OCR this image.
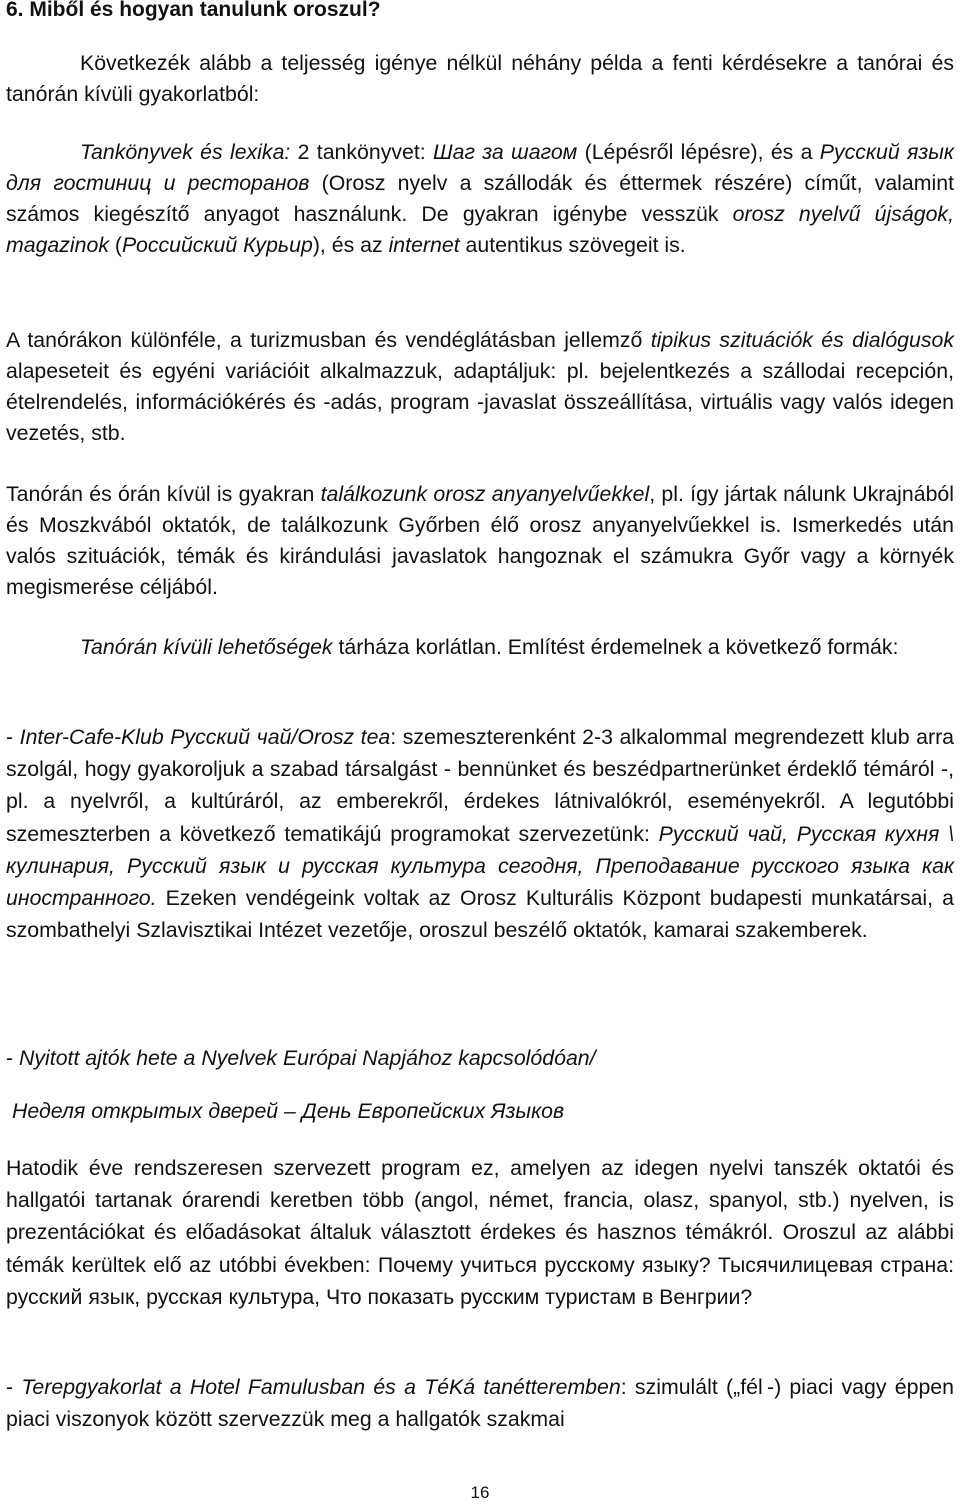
6. Miből és hogyan tanulunk oroszul?

Következék alább a teljesség igénye nélkül néhány példa a fenti kérdésekre a tanórai és tanórán kívüli gyakorlatból:

Tankönyvek és lexika: 2 tankönyvet: Шаг за шагом (Lépésről lépésre), és a Русский язык для гостиниц и ресторанов (Orosz nyelv a szállodák és éttermek részére) címűt, valamint számos kiegészítő anyagot használunk. De gyakran igénybe vesszük orosz nyelvű újságok, magazinok (Российский Курьир), és az internet autentikus szövegeit is.

A tanórákon különféle, a turizmusban és vendéglátásban jellemző tipikus szituációk és dialógusok alapeseteit és egyéni variációit alkalmazzuk, adaptáljuk: pl. bejelentkezés a szállodai recepción, ételrendelés, információkérés és -adás, program -javaslat összeállítása, virtuális vagy valós idegen vezetés, stb.

Tanórán és órán kívül is gyakran találkozunk orosz anyanyelvűekkel, pl. így jártak nálunk Ukrajnából és Moszkvából oktatók, de találkozunk Győrben élő orosz anyanyelvűekkel is. Ismerkedés után valós szituációk, témák és kirándulási javaslatok hangoznak el számukra Győr vagy a környék megismerése céljából.

Tanórán kívüli lehetőségek tárháza korlátlan. Említést érdemelnek a következő formák:

- Inter-Cafe-Klub Русский чай/Orosz tea: szemeszterenként 2-3 alkalommal megrendezett klub arra szolgál, hogy gyakoroljuk a szabad társalgást - bennünket és beszédpartnerünket érdeklő témáról -, pl. a nyelvről, a kultúráról, az emberekről, érdekes látnivalókról, eseményekről. A legutóbbi szemeszterben a következő tematikájú programokat szervezetünk: Русский чай, Русская кухня \ кулинария, Русский язык и русская культура сегодня, Преподавание русского языка как иностранного. Ezeken vendégeink voltak az Orosz Kulturális Központ budapesti munkatársai, a szombathelyi Szlavisztikai Intézet vezetője, oroszul beszélő oktatók, kamarai szakemberek.

- Nyitott ajtók hete a Nyelvek Európai Napjához kapcsolódóan/

Неделя открытых дверей – День Европейских Языков

Hatodik éve rendszeresen szervezett program ez, amelyen az idegen nyelvi tanszék oktatói és hallgatói tartanak órarendi keretben több (angol, német, francia, olasz, spanyol, stb.) nyelven, is prezentációkat és előadásokat általuk választott érdekes és hasznos témákról. Oroszul az alábbi témák kerültek elő az utóbbi években: Почему учиться русскому языку? Тысячилицевая страна: русский язык, русская культура, Что показать русским туристам в Венгрии?

- Terepgyakorlat a Hotel Famulusban és a TéKá tanétteremben: szimulált („fél -) piaci vagy éppen piaci viszonyok között szervezzük meg a hallgatók szakmai

16
